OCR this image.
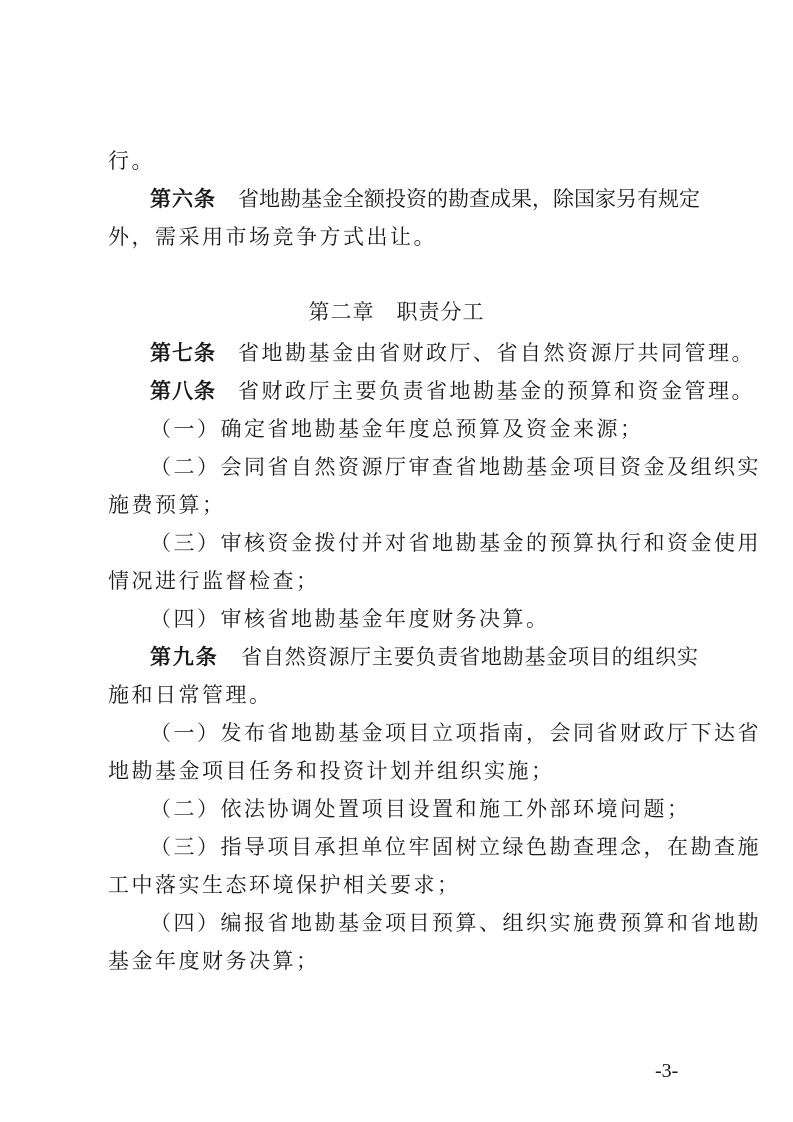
行。
第六条 省地勘基金全额投资的勘查成果，除国家另有规定
外，需采用市场竞争方式出让。
第二章 职责分工
第七条 省地勘基金由省财政厅、省自然资源厅共同管理。
第八条 省财政厅主要负责省地勘基金的预算和资金管理。
（一）确定省地勘基金年度总预算及资金来源；
（二）会同省自然资源厅审查省地勘基金项目资金及组织实
施费预算；
（三）审核资金拨付并对省地勘基金的预算执行和资金使用
情况进行监督检查；
（四）审核省地勘基金年度财务决算。
第九条 省自然资源厅主要负责省地勘基金项目的组织实
施和日常管理。
（一）发布省地勘基金项目立项指南，会同省财政厅下达省
地勘基金项目任务和投资计划并组织实施；
（二）依法协调处置项目设置和施工外部环境问题；
（三）指导项目承担单位牢固树立绿色勘查理念，在勘查施
工中落实生态环境保护相关要求；
（四）编报省地勘基金项目预算、组织实施费预算和省地勘
基金年度财务决算；
-3-
